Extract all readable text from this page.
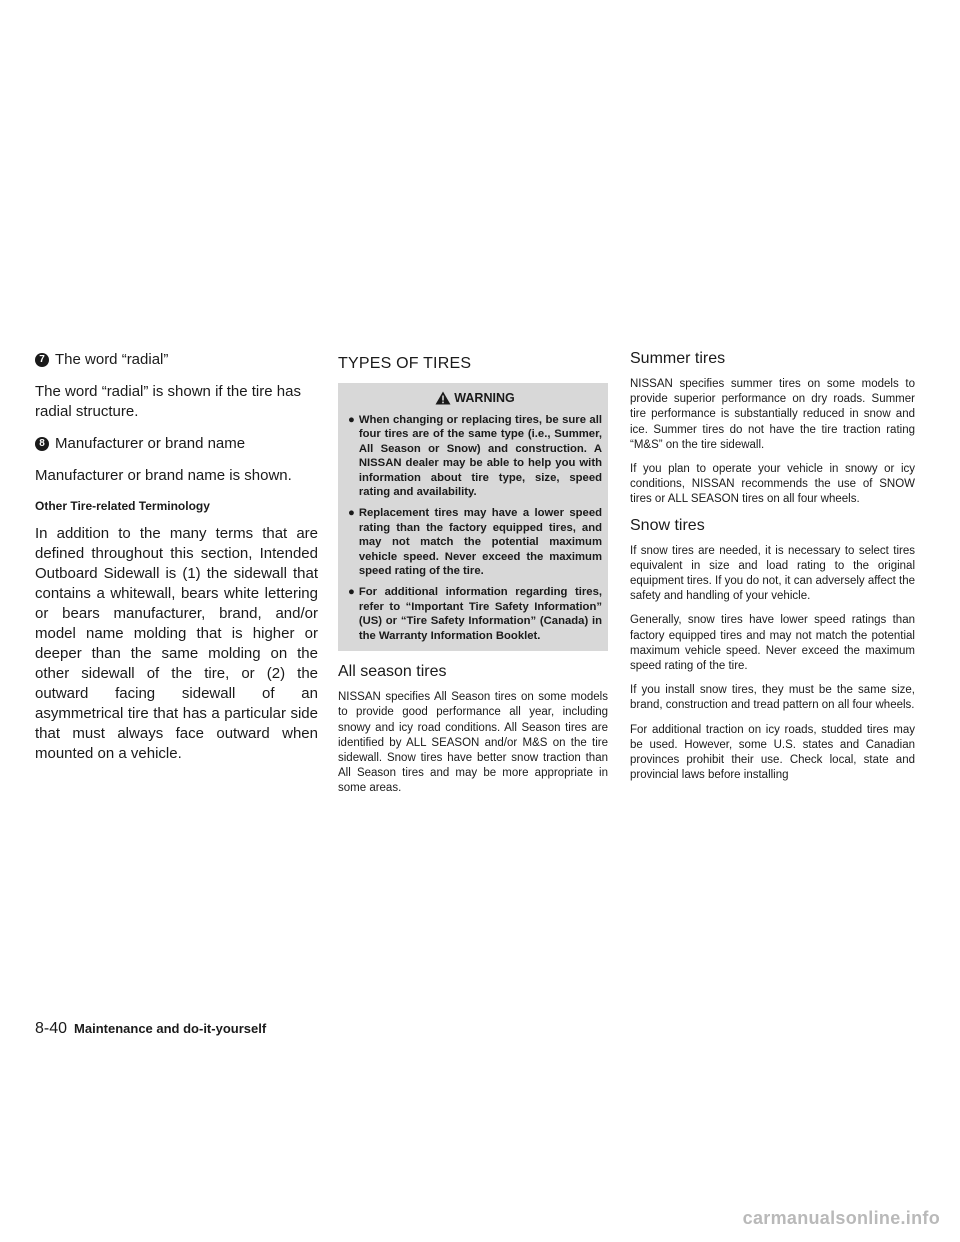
7 The word “radial”

The word “radial” is shown if the tire has radial structure.

8 Manufacturer or brand name

Manufacturer or brand name is shown.

Other Tire-related Terminology

In addition to the many terms that are defined throughout this section, Intended Outboard Sidewall is (1) the sidewall that contains a whitewall, bears white lettering or bears manufacturer, brand, and/or model name molding that is higher or deeper than the same molding on the other sidewall of the tire, or (2) the outward facing sidewall of an asymmetrical tire that has a particular side that must always face outward when mounted on a vehicle.

TYPES OF TIRES
WARNING
● When changing or replacing tires, be sure all four tires are of the same type (i.e., Summer, All Season or Snow) and construction. A NISSAN dealer may be able to help you with information about tire type, size, speed rating and availability.
● Replacement tires may have a lower speed rating than the factory equipped tires, and may not match the potential maximum vehicle speed. Never exceed the maximum speed rating of the tire.
● For additional information regarding tires, refer to “Important Tire Safety Information” (US) or “Tire Safety Information” (Canada) in the Warranty Information Booklet.
All season tires

NISSAN specifies All Season tires on some models to provide good performance all year, including snowy and icy road conditions. All Season tires are identified by ALL SEASON and/or M&S on the tire sidewall. Snow tires have better snow traction than All Season tires and may be more appropriate in some areas.

Summer tires

NISSAN specifies summer tires on some models to provide superior performance on dry roads. Summer tire performance is substantially reduced in snow and ice. Summer tires do not have the tire traction rating “M&S” on the tire sidewall.

If you plan to operate your vehicle in snowy or icy conditions, NISSAN recommends the use of SNOW tires or ALL SEASON tires on all four wheels.

Snow tires

If snow tires are needed, it is necessary to select tires equivalent in size and load rating to the original equipment tires. If you do not, it can adversely affect the safety and handling of your vehicle.

Generally, snow tires have lower speed ratings than factory equipped tires and may not match the potential maximum vehicle speed. Never exceed the maximum speed rating of the tire.

If you install snow tires, they must be the same size, brand, construction and tread pattern on all four wheels.

For additional traction on icy roads, studded tires may be used. However, some U.S. states and Canadian provinces prohibit their use. Check local, state and provincial laws before installing

8-40 Maintenance and do-it-yourself
carmanualsonline.info
